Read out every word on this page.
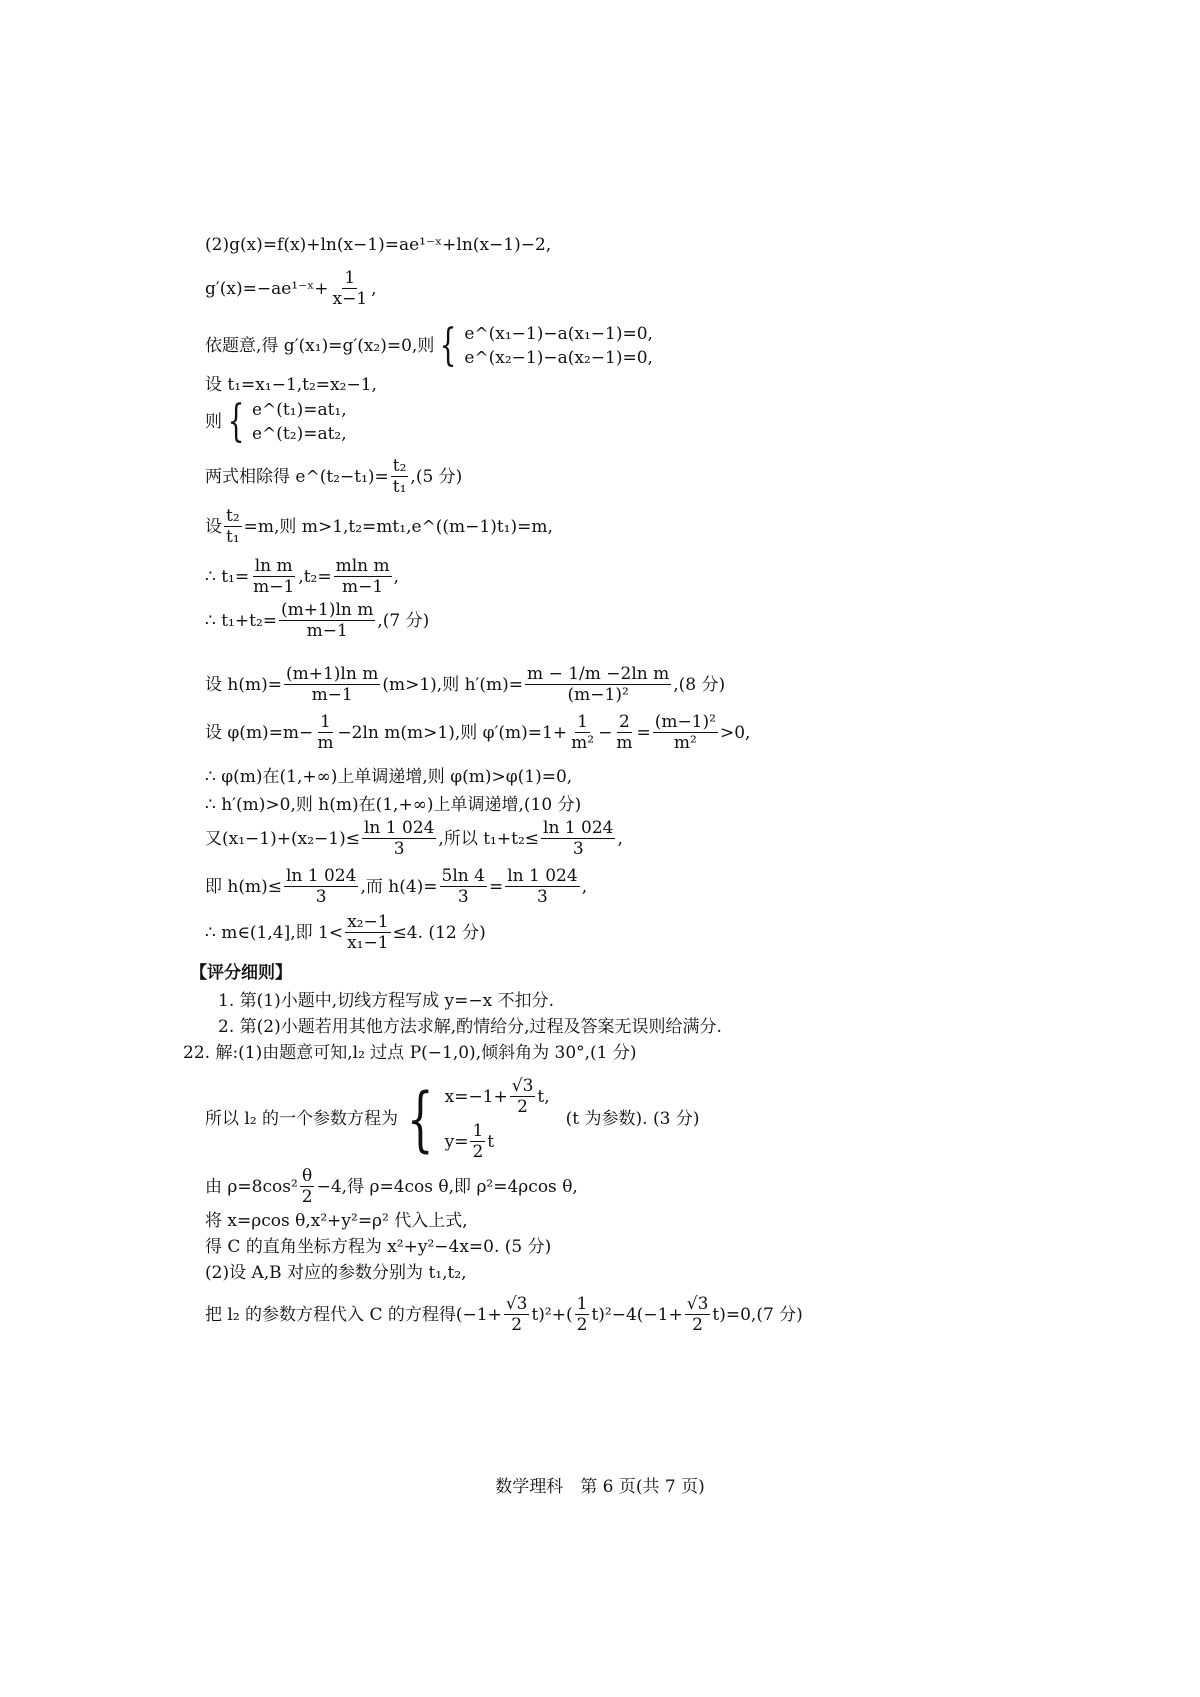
(2)g(x)=f(x)+ln(x−1)=ae¹⁻ˣ+ln(x−1)−2,
g′(x)=−ae¹⁻ˣ+ $\frac{1}{x-1}$ ,
依题意,得 g′(x₁)=g′(x₂)=0,则 { e^(x₁−1)−a(x₁−1)=0,
e^(x₂−1)−a(x₂−1)=0,
设 t₁=x₁−1,t₂=x₂−1,
则 { e^(t₁)=at₁,
e^(t₂)=at₂,
两式相除得 e^(t₂−t₁)= $\frac{\text{t₂}}{\text{t₁}} ,(5$ 分)
设 $\frac{\text{t₂}}{\text{t₁}} =m$,则 m>1,t₂=mt₁,e^((m−1)t₁)=m,
∴ $t_1= \frac{\text{ln m}}{m-1} ,t_2= \frac{\text{mln m}}{m-1}$ ,
∴ $t_1+t_2= \frac{\text{(m+1)ln m}}{m-1} ,(7$ 分)
设 $h(m)= \frac{\text{(m+1)ln m}}{m-1} (m>1)$,则 $h'(m)= \frac{\text{m − 1/m −2ln m}}{\text{(m−1)²}} ,(8$ 分)
设 $\varphi(m)=m- \frac{1}{m} -2\ln$ m(m>1),则 $\varphi'(m)=1+ \frac{1}{\text{m²}} - \frac{2}{m} = \frac{\text{(m−1)²}}{\text{m²}} >0$,
∴ φ(m)在(1,+∞)上单调递增,则 φ(m)>φ(1)=0,
∴ h′(m)>0,则 h(m)在(1,+∞)上单调递增,(10 分)
又$(x_1-1)+(x_2-1)\le \frac{\ln 1 024}{3}$ ,所以 $t_1+t_2\le \frac{\ln 1 024}{3}$ ,
即 $h(m)\le \frac{\ln 1 024}{3}$ ,而 $h(4)= \frac{5\ln 4}{3} = \frac{\ln 1 024}{3}$ ,
∴ m∈(1,4],即 $1< \frac{\text{x₂−1}}{\text{x₁−1}} \le 4$. (12 分)
【评分细则】
1. 第(1)小题中,切线方程写成 y=−x 不扣分.
2. 第(2)小题若用其他方法求解,酌情给分,过程及答案无误则给满分.
22. 解:(1)由题意可知,l₂ 过点 P(−1,0),倾斜角为 30°,(1 分)
所以 l₂ 的一个参数方程为 { $x=-1+ \frac{√3}{2} t$,
$y= \frac{1}{2}$ t
(t 为参数). (3 分)
由 $\rho=8\cos^2 \frac{\theta}{2} -4$,得 ρ=4cos θ,即 ρ²=4ρcos θ,
将 x=ρcos θ,x²+y²=ρ² 代入上式,
得 C 的直角坐标方程为 x²+y²−4x=0. (5 分)
(2)设 A,B 对应的参数分别为 t₁,t₂,
把 l₂ 的参数方程代入 C 的方程得$(-1+ \frac{√3}{2} t)^2+( \frac{1}{2} t)^2-4(-1+ \frac{√3}{2} t)=0,(7$ 分)
数学理科　第 6 页(共 7 页)
